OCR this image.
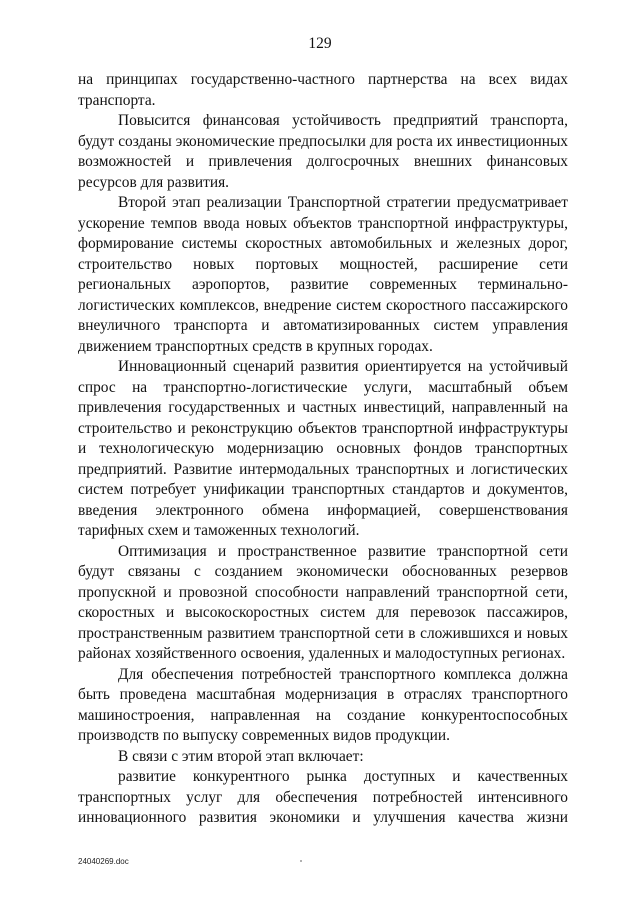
129

на принципах государственно-частного партнерства на всех видах транспорта.

Повысится финансовая устойчивость предприятий транспорта, будут созданы экономические предпосылки для роста их инвестиционных возможностей и привлечения долгосрочных внешних финансовых ресурсов для развития.

Второй этап реализации Транспортной стратегии предусматривает ускорение темпов ввода новых объектов транспортной инфраструктуры, формирование системы скоростных автомобильных и железных дорог, строительство новых портовых мощностей, расширение сети региональных аэропортов, развитие современных терминально-логистических комплексов, внедрение систем скоростного пассажирского внеуличного транспорта и автоматизированных систем управления движением транспортных средств в крупных городах.

Инновационный сценарий развития ориентируется на устойчивый спрос на транспортно-логистические услуги, масштабный объем привлечения государственных и частных инвестиций, направленный на строительство и реконструкцию объектов транспортной инфраструктуры и технологическую модернизацию основных фондов транспортных предприятий. Развитие интермодальных транспортных и логистических систем потребует унификации транспортных стандартов и документов, введения электронного обмена информацией, совершенствования тарифных схем и таможенных технологий.

Оптимизация и пространственное развитие транспортной сети будут связаны с созданием экономически обоснованных резервов пропускной и провозной способности направлений транспортной сети, скоростных и высокоскоростных систем для перевозок пассажиров, пространственным развитием транспортной сети в сложившихся и новых районах хозяйственного освоения, удаленных и малодоступных регионах.

Для обеспечения потребностей транспортного комплекса должна быть проведена масштабная модернизация в отраслях транспортного машиностроения, направленная на создание конкурентоспособных производств по выпуску современных видов продукции.

В связи с этим второй этап включает:

развитие конкурентного рынка доступных и качественных транспортных услуг для обеспечения потребностей интенсивного инновационного развития экономики и улучшения качества жизни

24040269.doc
